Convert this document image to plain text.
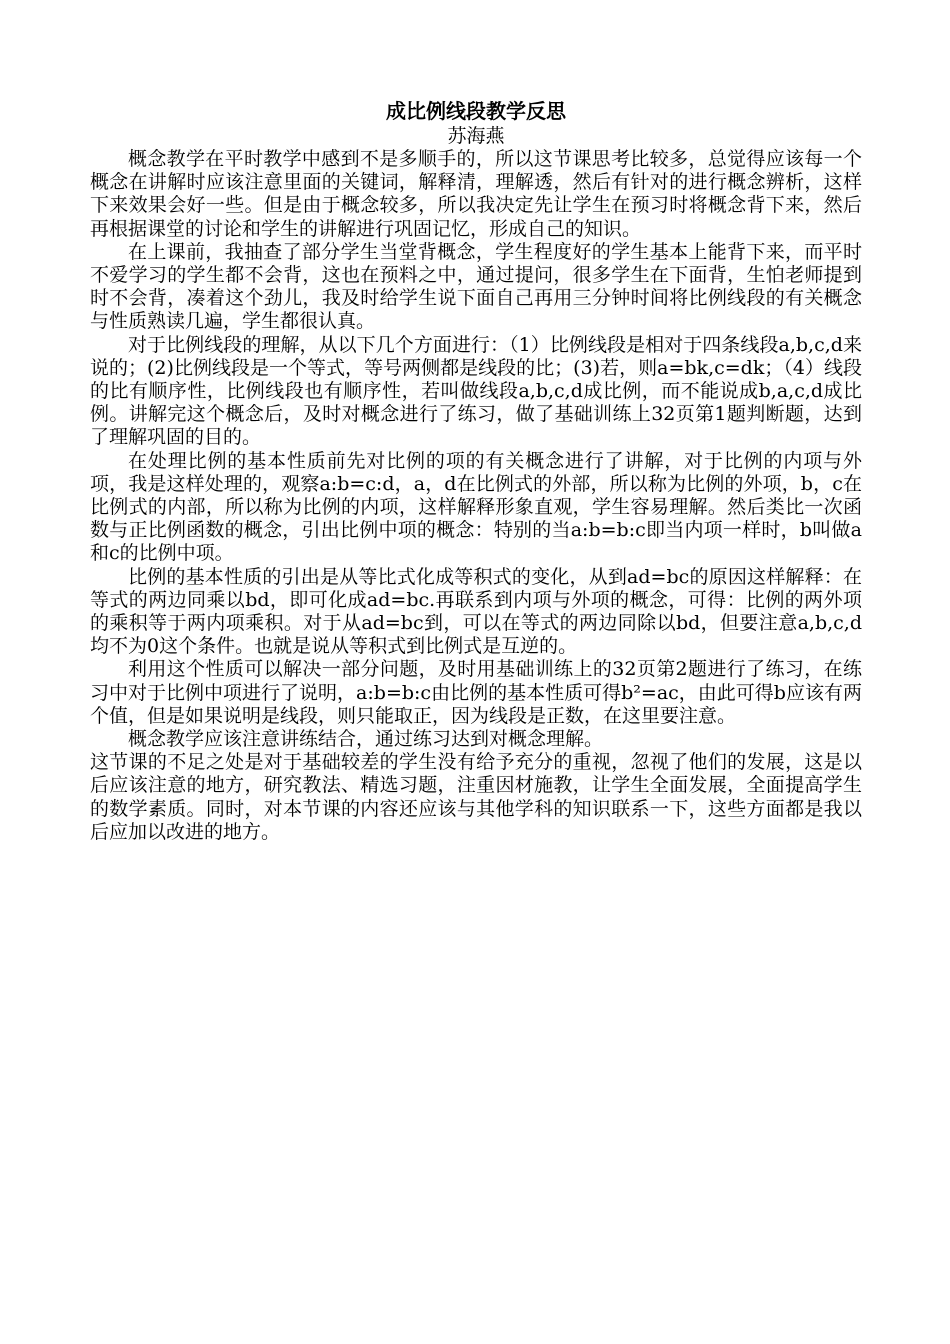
成比例线段教学反思

苏海燕

概念教学在平时教学中感到不是多顺手的，所以这节课思考比较多，总觉得应该每一个概念在讲解时应该注意里面的关键词，解释清，理解透，然后有针对的进行概念辨析，这样下来效果会好一些。但是由于概念较多，所以我决定先让学生在预习时将概念背下来，然后再根据课堂的讨论和学生的讲解进行巩固记忆，形成自己的知识。

在上课前，我抽查了部分学生当堂背概念，学生程度好的学生基本上能背下来，而平时不爱学习的学生都不会背，这也在预料之中，通过提问，很多学生在下面背，生怕老师提到时不会背，凑着这个劲儿，我及时给学生说下面自己再用三分钟时间将比例线段的有关概念与性质熟读几遍，学生都很认真。

对于比例线段的理解，从以下几个方面进行：（1）比例线段是相对于四条线段a,b,c,d来说的；(2)比例线段是一个等式，等号两侧都是线段的比；(3)若，则a=bk,c=dk；（4）线段的比有顺序性，比例线段也有顺序性，若叫做线段a,b,c,d成比例，而不能说成b,a,c,d成比例。讲解完这个概念后，及时对概念进行了练习，做了基础训练上32页第1题判断题，达到了理解巩固的目的。

在处理比例的基本性质前先对比例的项的有关概念进行了讲解，对于比例的内项与外项，我是这样处理的，观察a:b=c:d，a，d在比例式的外部，所以称为比例的外项，b，c在比例式的内部，所以称为比例的内项，这样解释形象直观，学生容易理解。然后类比一次函数与正比例函数的概念，引出比例中项的概念：特别的当a:b=b:c即当内项一样时，b叫做a和c的比例中项。

比例的基本性质的引出是从等比式化成等积式的变化，从到ad=bc的原因这样解释：在等式的两边同乘以bd，即可化成ad=bc.再联系到内项与外项的概念，可得：比例的两外项的乘积等于两内项乘积。对于从ad=bc到，可以在等式的两边同除以bd，但要注意a,b,c,d均不为0这个条件。也就是说从等积式到比例式是互逆的。

利用这个性质可以解决一部分问题，及时用基础训练上的32页第2题进行了练习，在练习中对于比例中项进行了说明，a:b=b:c由比例的基本性质可得b²=ac，由此可得b应该有两个值，但是如果说明是线段，则只能取正，因为线段是正数，在这里要注意。

概念教学应该注意讲练结合，通过练习达到对概念理解。

这节课的不足之处是对于基础较差的学生没有给予充分的重视，忽视了他们的发展，这是以后应该注意的地方，研究教法、精选习题，注重因材施教，让学生全面发展，全面提高学生的数学素质。同时，对本节课的内容还应该与其他学科的知识联系一下，这些方面都是我以后应加以改进的地方。
